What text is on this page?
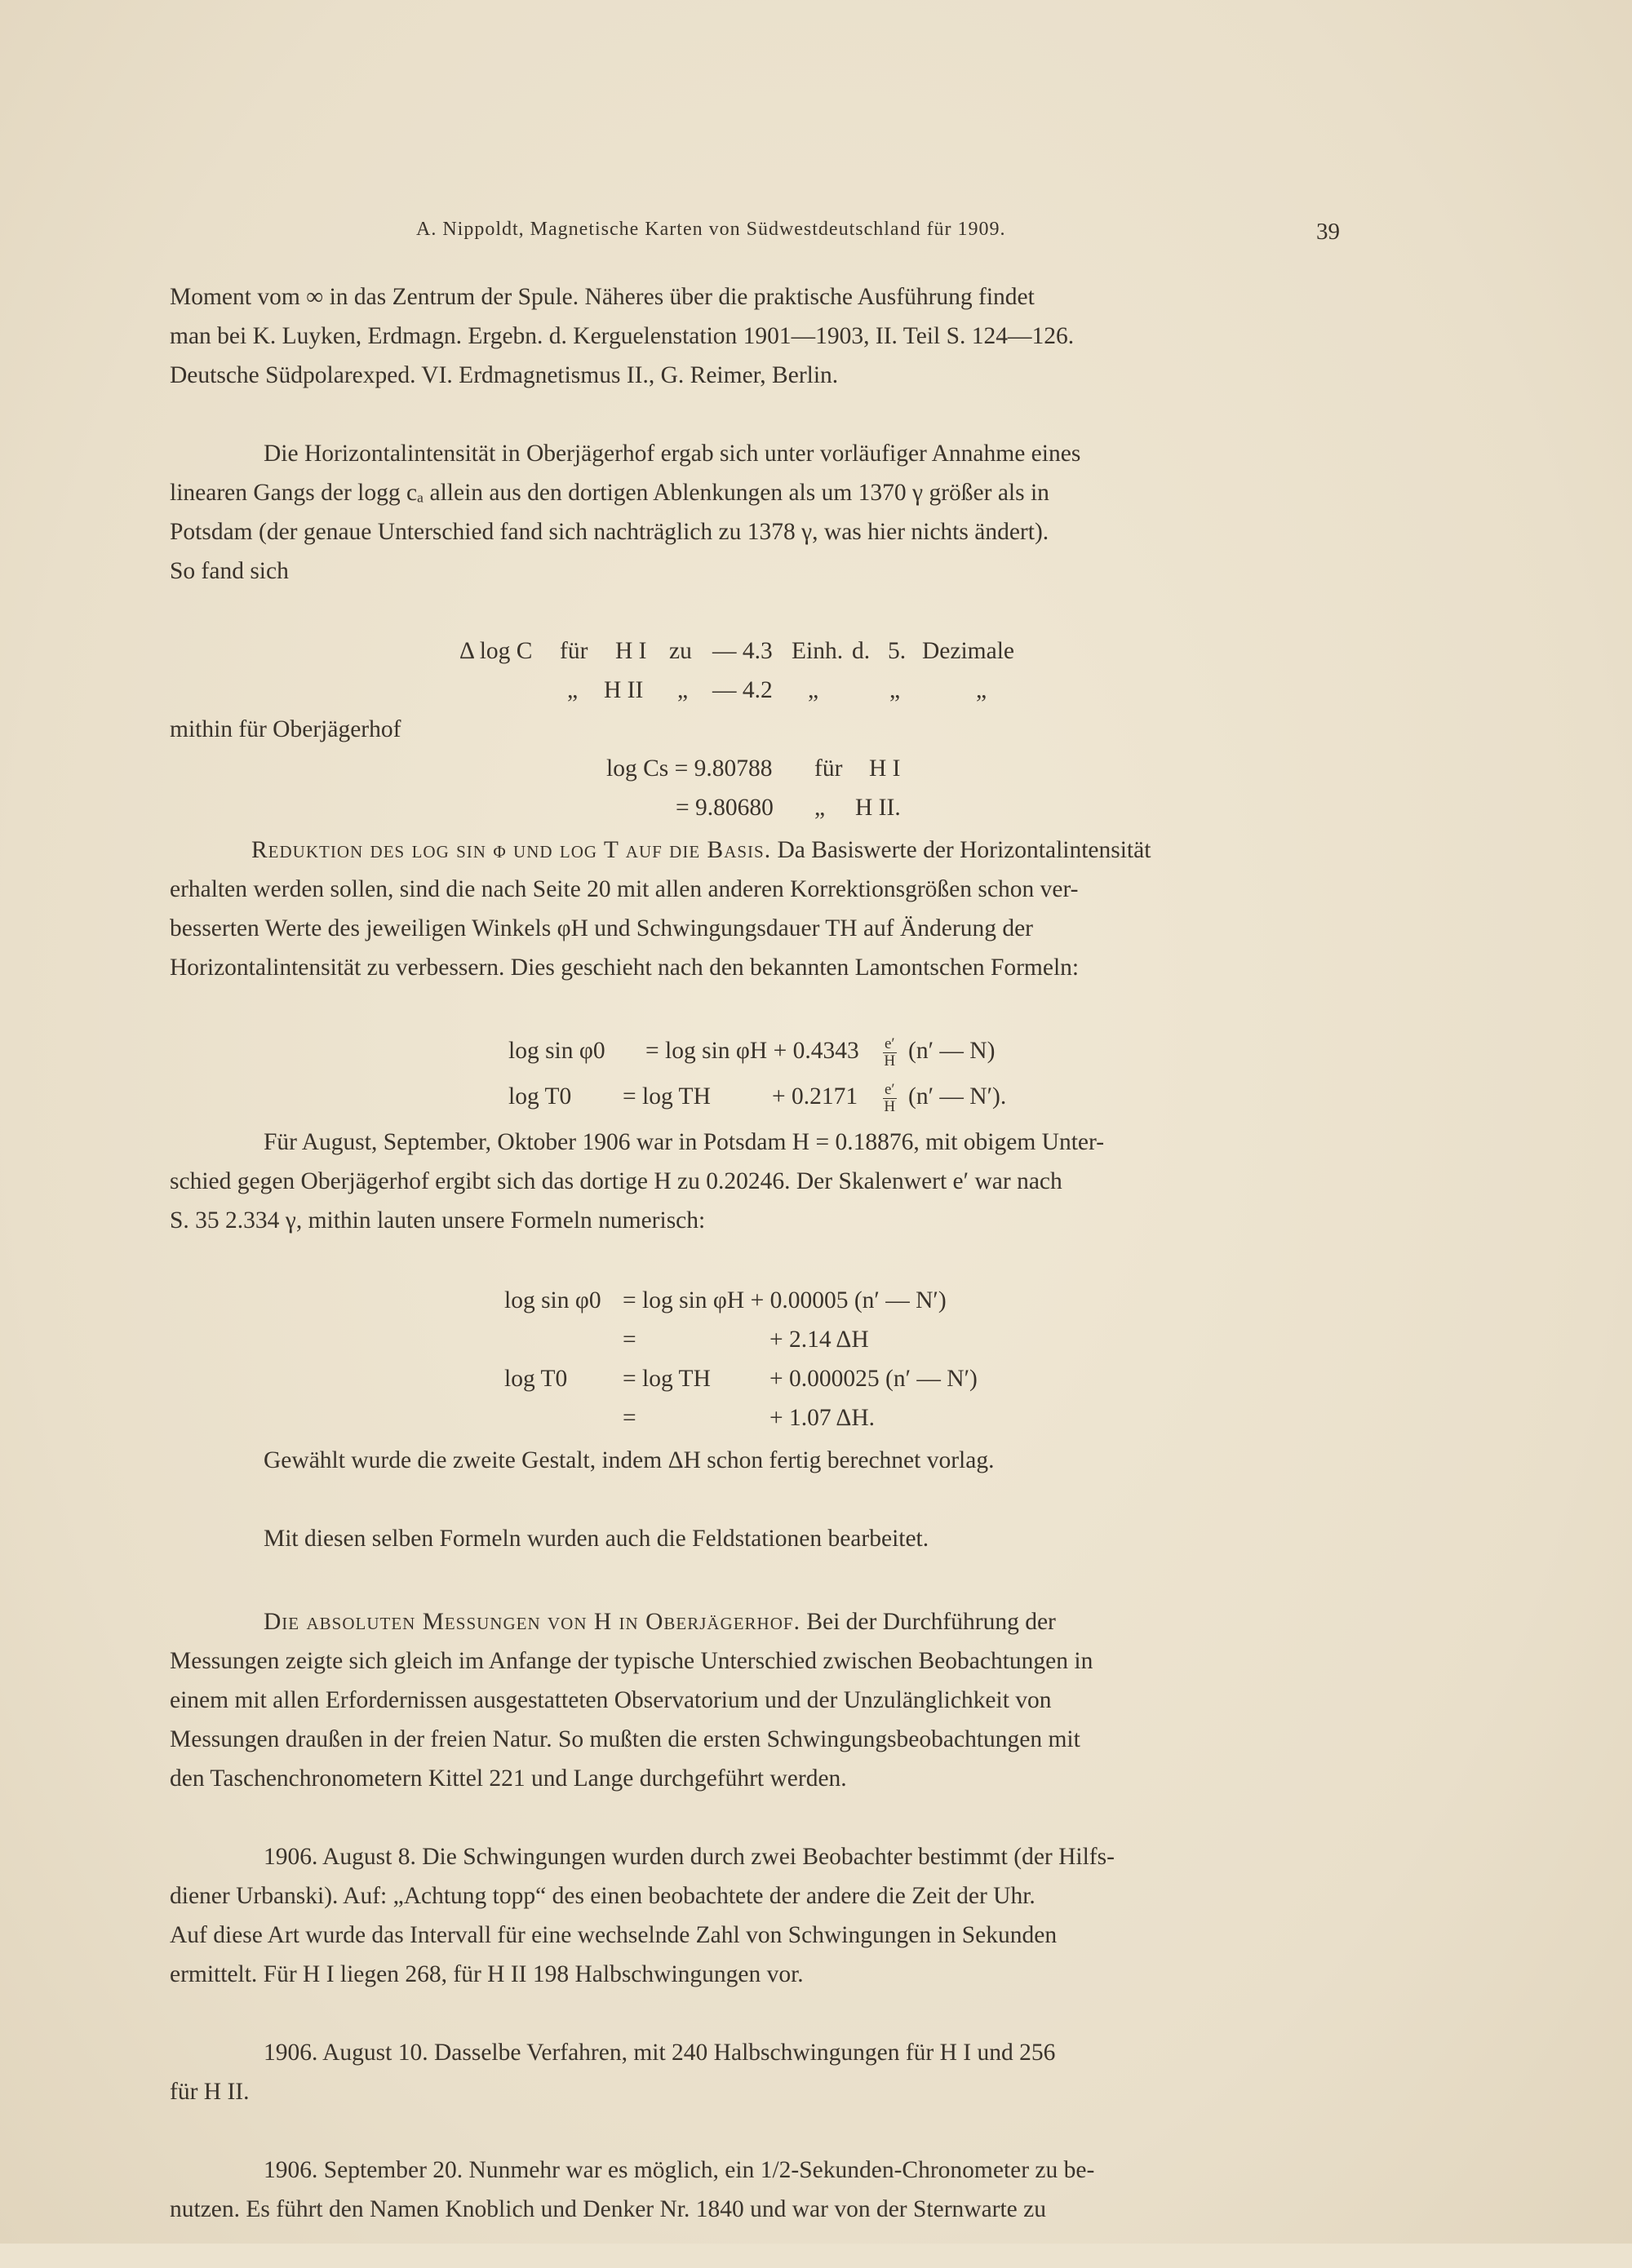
A. Nippoldt, Magnetische Karten von Südwestdeutschland für 1909.	39
Moment vom ∞ in das Zentrum der Spule. Näheres über die praktische Ausführung findet
man bei K. Luyken, Erdmagn. Ergebn. d. Kerguelenstation 1901—1903, II. Teil S. 124—126.
Deutsche Südpolarexped. VI. Erdmagnetismus II., G. Reimer, Berlin.
Die Horizontalintensität in Oberjägerhof ergab sich unter vorläufiger Annahme eines
linearen Gangs der logg cₐ allein aus den dortigen Ablenkungen als um 1370 γ größer als in
Potsdam (der genaue Unterschied fand sich nachträglich zu 1378 γ, was hier nichts ändert).
So fand sich
Δ log C für H I zu — 4.3 Einh. d. 5. Dezimale
„ H II „ — 4.2 „	„	„
mithin für Oberjägerhof
log Cs = 9.80788 für H I
= 9.80680 „ H II.
Reduktion des log sin φ und log T auf die Basis. Da Basiswerte der Horizontalintensität
erhalten werden sollen, sind die nach Seite 20 mit allen anderen Korrektionsgrößen schon ver-
besserten Werte des jeweiligen Winkels φH und Schwingungsdauer TH auf Änderung der
Horizontalintensität zu verbessern. Dies geschieht nach den bekannten Lamontschen Formeln:
$\log \sin \varphi 0 = \log \sin \varphi H + 0.4343 \frac{e'}{H} (n'$ — N)
log T0 = log TH	+ $0.2171 \frac{e'}{H} (n'$ — N′).
Für August, September, Oktober 1906 war in Potsdam H = 0.18876, mit obigem Unter-
schied gegen Oberjägerhof ergibt sich das dortige H zu 0.20246. Der Skalenwert e′ war nach
S. 35 2.334 γ, mithin lauten unsere Formeln numerisch:
log sin φ0 = log sin φH + 0.00005 (n′ — N′)
=	+ 2.14 ΔH
log T0 = log TH + 0.000025 (n′ — N′)
=	+ 1.07 ΔH.
Gewählt wurde die zweite Gestalt, indem ΔH schon fertig berechnet vorlag.
Mit diesen selben Formeln wurden auch die Feldstationen bearbeitet.
Die absoluten Messungen von H in Oberjägerhof. Bei der Durchführung der
Messungen zeigte sich gleich im Anfange der typische Unterschied zwischen Beobachtungen in
einem mit allen Erfordernissen ausgestatteten Observatorium und der Unzulänglichkeit von
Messungen draußen in der freien Natur. So mußten die ersten Schwingungsbeobachtungen mit
den Taschenchronometern Kittel 221 und Lange durchgeführt werden.
1906. August 8. Die Schwingungen wurden durch zwei Beobachter bestimmt (der Hilfs-
diener Urbanski). Auf: „Achtung topp“ des einen beobachtete der andere die Zeit der Uhr.
Auf diese Art wurde das Intervall für eine wechselnde Zahl von Schwingungen in Sekunden
ermittelt. Für H I liegen 268, für H II 198 Halbschwingungen vor.
1906. August 10. Dasselbe Verfahren, mit 240 Halbschwingungen für H I und 256
für H II.
1906. September 20. Nunmehr war es möglich, ein 1/2-Sekunden-Chronometer zu be-
nutzen. Es führt den Namen Knoblich und Denker Nr. 1840 und war von der Sternwarte zu
